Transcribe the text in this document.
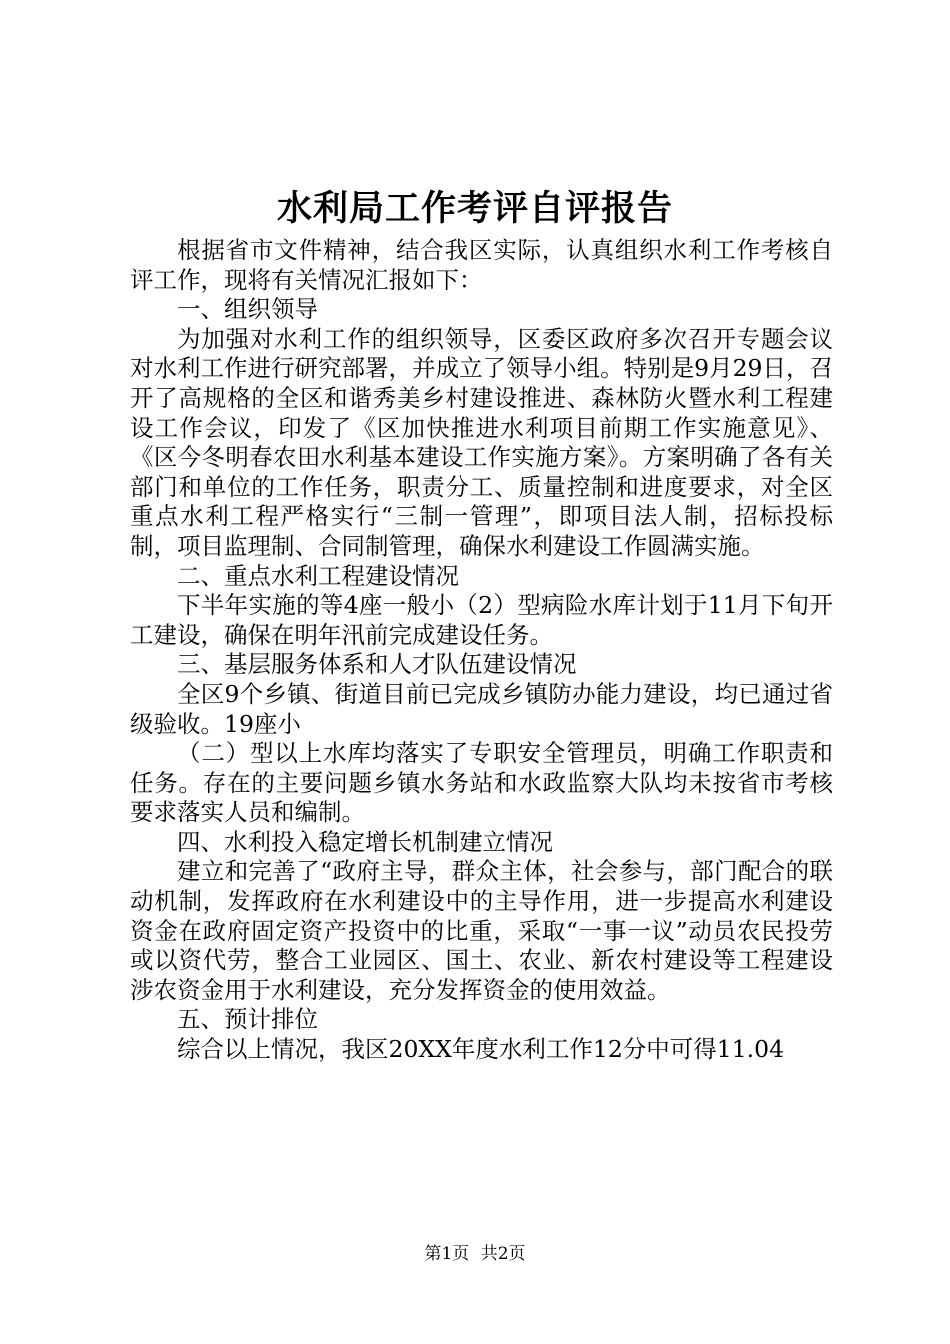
水利局工作考评自评报告

根据省市文件精神，结合我区实际，认真组织水利工作考核自评工作，现将有关情况汇报如下：

一、组织领导

为加强对水利工作的组织领导，区委区政府多次召开专题会议对水利工作进行研究部署，并成立了领导小组。特别是9月29日，召开了高规格的全区和谐秀美乡村建设推进、森林防火暨水利工程建设工作会议，印发了《区加快推进水利项目前期工作实施意见》、《区今冬明春农田水利基本建设工作实施方案》。方案明确了各有关部门和单位的工作任务，职责分工、质量控制和进度要求，对全区重点水利工程严格实行“三制一管理”，即项目法人制，招标投标制，项目监理制、合同制管理，确保水利建设工作圆满实施。

二、重点水利工程建设情况

下半年实施的等4座一般小（2）型病险水库计划于11月下旬开工建设，确保在明年汛前完成建设任务。

三、基层服务体系和人才队伍建设情况

全区9个乡镇、街道目前已完成乡镇防办能力建设，均已通过省级验收。19座小

（二）型以上水库均落实了专职安全管理员，明确工作职责和任务。存在的主要问题乡镇水务站和水政监察大队均未按省市考核要求落实人员和编制。

四、水利投入稳定增长机制建立情况

建立和完善了“政府主导，群众主体，社会参与，部门配合的联动机制，发挥政府在水利建设中的主导作用，进一步提高水利建设资金在政府固定资产投资中的比重，采取“一事一议”动员农民投劳或以资代劳，整合工业园区、国土、农业、新农村建设等工程建设涉农资金用于水利建设，充分发挥资金的使用效益。

五、预计排位

综合以上情况，我区20XX年度水利工作12分中可得11.04

第1页 共2页
